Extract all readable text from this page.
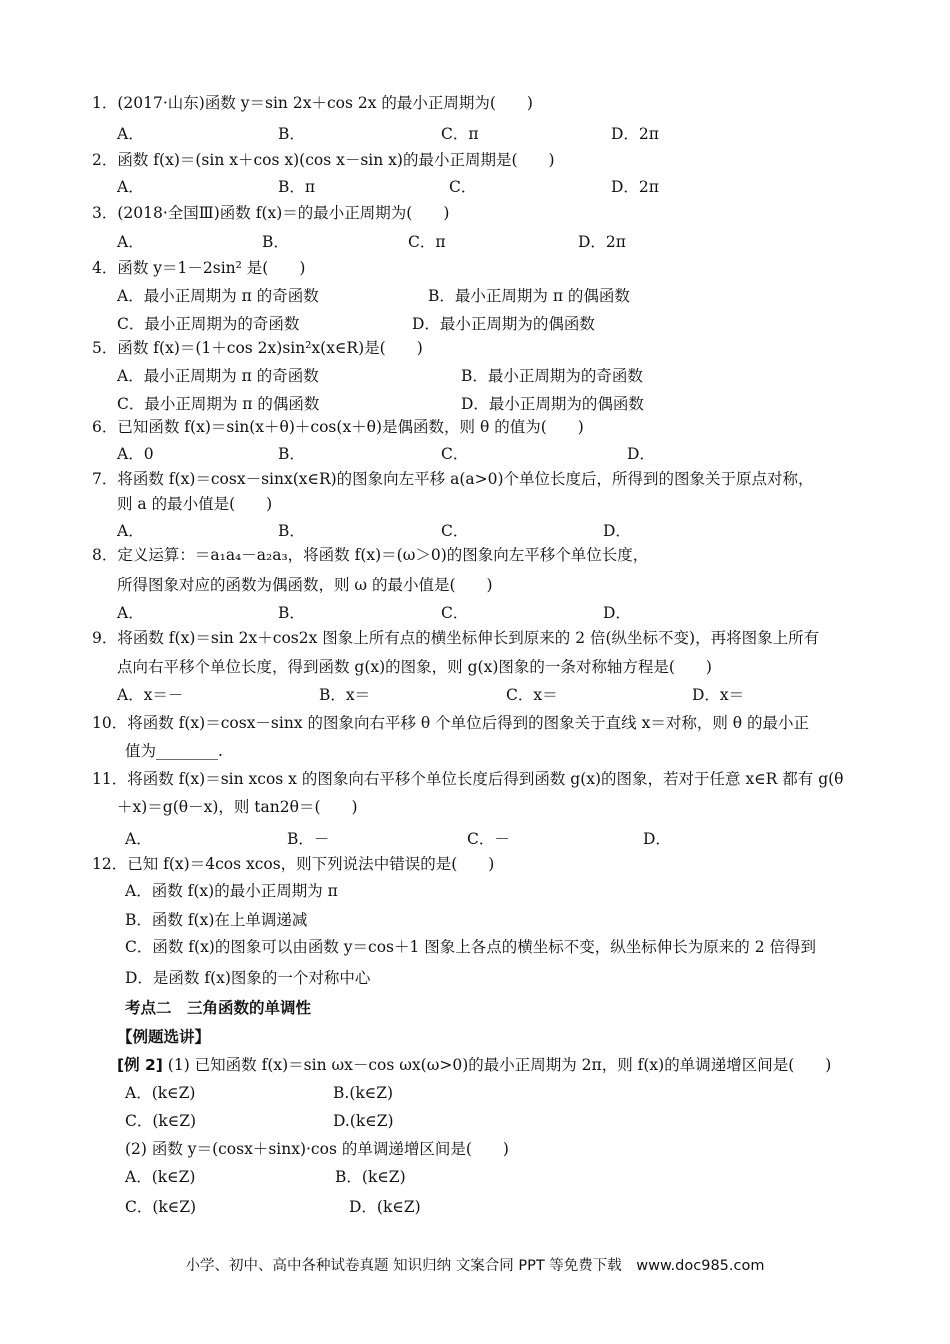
1．(2017·山东)函数 y＝sin 2x＋cos 2x 的最小正周期为(　　)
A．	B．	C．π	D．2π
2．函数 f(x)＝(sin x＋cos x)(cos x－sin x)的最小正周期是(　　)
A．	B．π	C．	D．2π
3．(2018·全国Ⅲ)函数 f(x)＝的最小正周期为(　　)
A．	B．	C．π	D．2π
4．函数 y＝1－2sin² 是(　　)
A．最小正周期为 π 的奇函数	B．最小正周期为 π 的偶函数
C．最小正周期为的奇函数	D．最小正周期为的偶函数
5．函数 f(x)＝(1＋cos 2x)sin²x(x∈R)是(　　)
A．最小正周期为 π 的奇函数	B．最小正周期为的奇函数
C．最小正周期为 π 的偶函数	D．最小正周期为的偶函数
6．已知函数 f(x)＝sin(x＋θ)＋cos(x＋θ)是偶函数，则 θ 的值为(　　)
A．0	B．	C．	D．
7．将函数 f(x)＝cosx－sinx(x∈R)的图象向左平移 a(a>0)个单位长度后，所得到的图象关于原点对称，
则 a 的最小值是(　　)
A．	B．	C．	D．
8．定义运算：＝a₁a₄－a₂a₃，将函数 f(x)＝(ω＞0)的图象向左平移个单位长度，
所得图象对应的函数为偶函数，则 ω 的最小值是(　　)
A．	B．	C．	D．
9．将函数 f(x)＝sin 2x＋cos2x 图象上所有点的横坐标伸长到原来的 2 倍(纵坐标不变)，再将图象上所有
点向右平移个单位长度，得到函数 g(x)的图象，则 g(x)图象的一条对称轴方程是(　　)
A．x＝－	B．x＝	C．x＝	D．x＝
10．将函数 f(x)＝cosx－sinx 的图象向右平移 θ 个单位后得到的图象关于直线 x＝对称，则 θ 的最小正
值为________.
11．将函数 f(x)＝sin xcos x 的图象向右平移个单位长度后得到函数 g(x)的图象，若对于任意 x∈R 都有 g(θ
＋x)＝g(θ－x)，则 tan2θ＝(　　)
A．	B．－	C．－	D．
12．已知 f(x)＝4cos xcos，则下列说法中错误的是(　　)
A．函数 f(x)的最小正周期为 π
B．函数 f(x)在上单调递减
C．函数 f(x)的图象可以由函数 y＝cos＋1 图象上各点的横坐标不变，纵坐标伸长为原来的 2 倍得到
D．是函数 f(x)图象的一个对称中心
考点二　三角函数的单调性
【例题选讲】
[例 2] (1) 已知函数 f(x)＝sin ωx－cos ωx(ω>0)的最小正周期为 2π，则 f(x)的单调递增区间是(　　)
A．(k∈Z)	B.(k∈Z)
C．(k∈Z)	D.(k∈Z)
(2) 函数 y＝(cosx＋sinx)·cos 的单调递增区间是(　　)
A．(k∈Z)	B．(k∈Z)
C．(k∈Z)	D．(k∈Z)
小学、初中、高中各种试卷真题 知识归纳 文案合同 PPT 等免费下载　www.doc985.com
